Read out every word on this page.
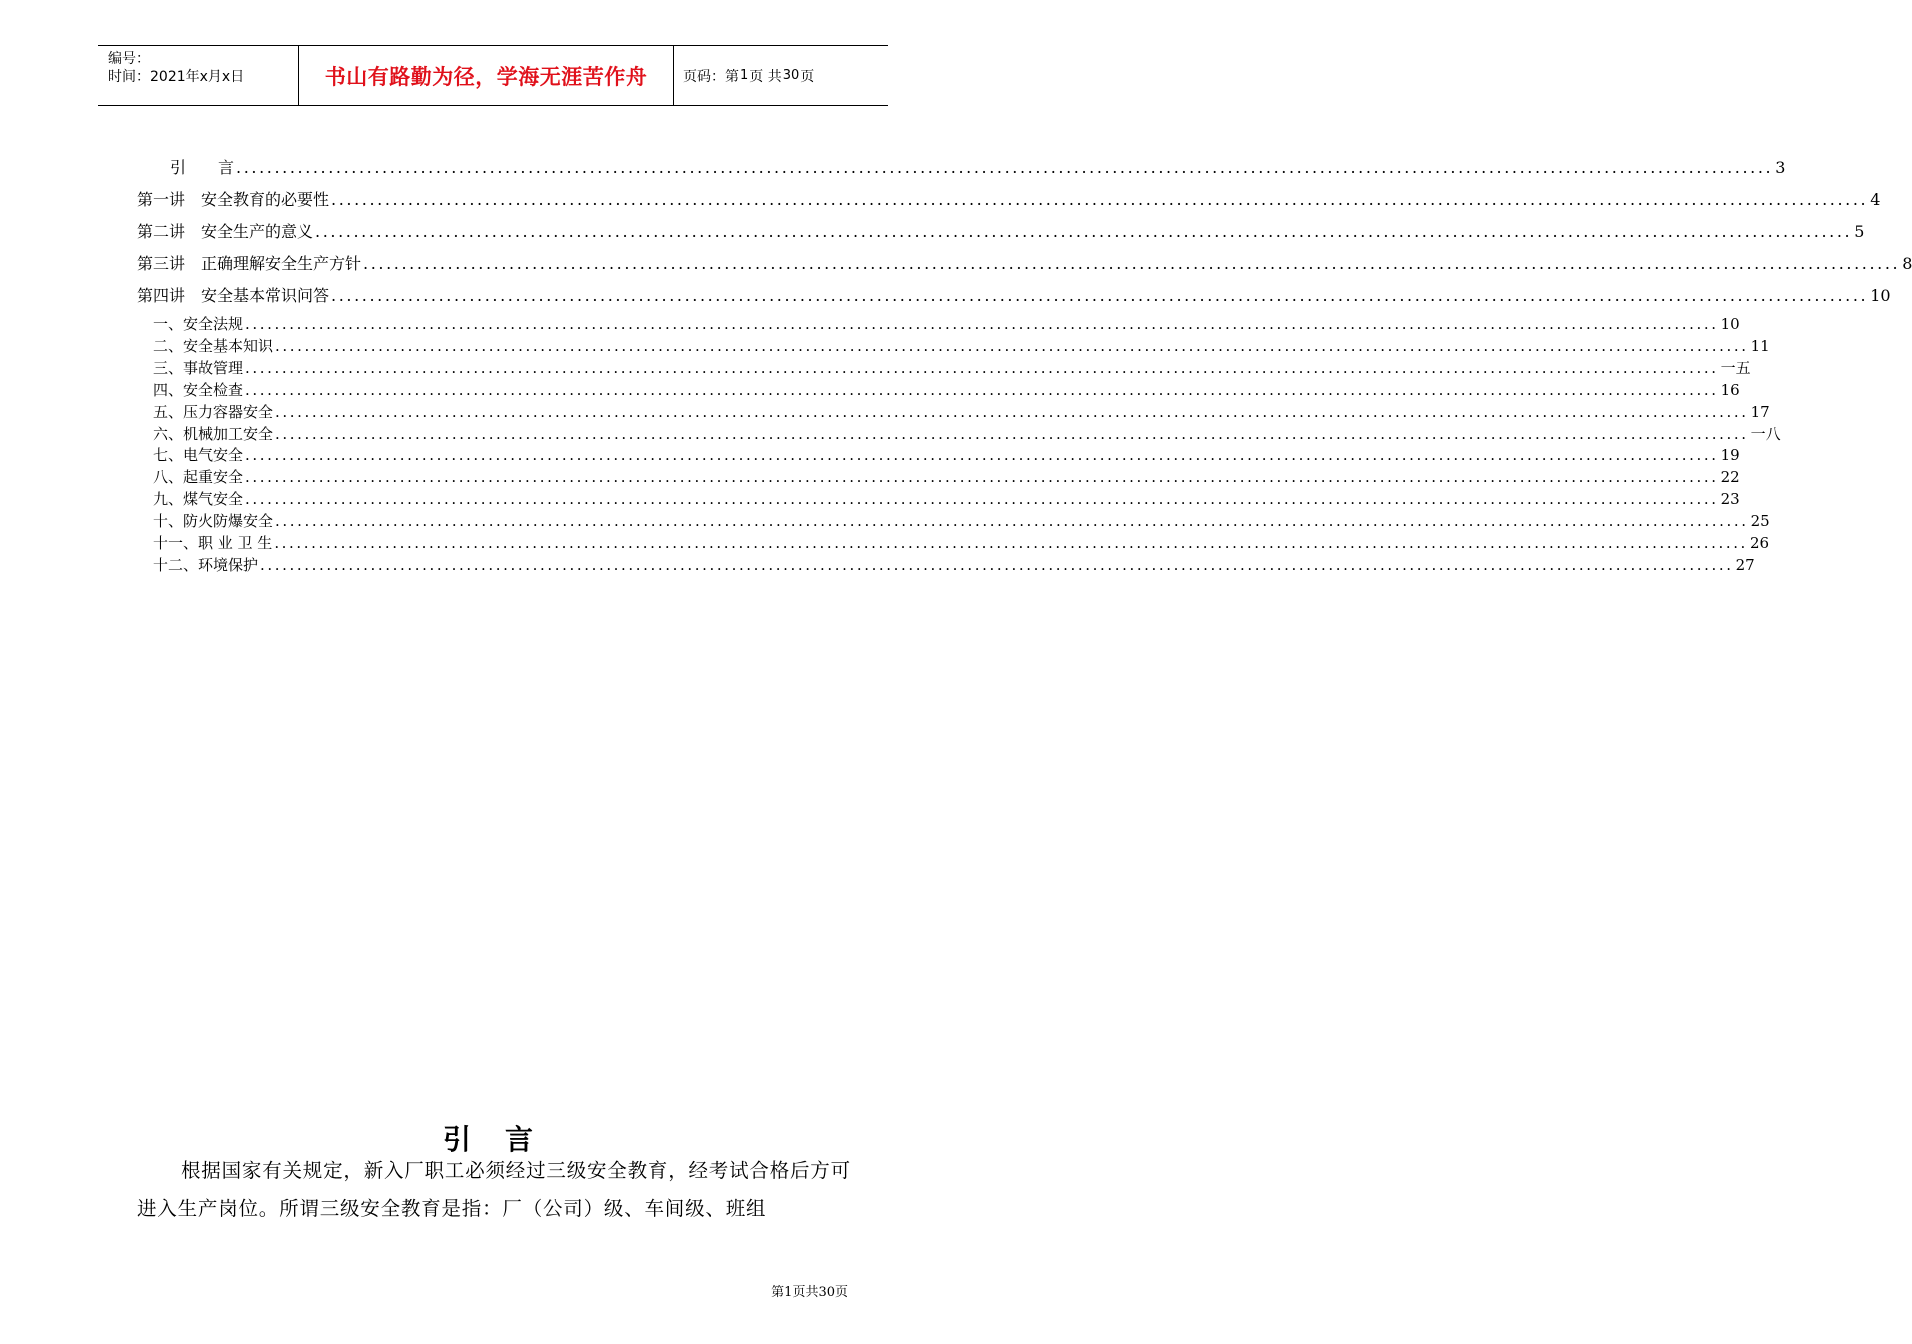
编号：
时间：2021年x月x日	书山有路勤为径，学海无涯苦作舟	页码：第 1 页 共 30 页
引　　言 ........................................................................................................................................................................................................ 3
第一讲　安全教育的必要性 ........................................................................................................................................................................................................ 4
第二讲　安全生产的意义 ........................................................................................................................................................................................................ 5
第三讲　正确理解安全生产方针 ........................................................................................................................................................................................................ 8
第四讲　安全基本常识问答 ........................................................................................................................................................................................................ 10
一、安全法规 ........................................................................................................................................................................................................ 10
二、安全基本知识 ........................................................................................................................................................................................................ 11
三、事故管理 ........................................................................................................................................................................................................ 一五
四、安全检查 ........................................................................................................................................................................................................ 16
五、压力容器安全 ........................................................................................................................................................................................................ 17
六、机械加工安全 ........................................................................................................................................................................................................ 一八
七、电气安全 ........................................................................................................................................................................................................ 19
八、起重安全 ........................................................................................................................................................................................................ 22
九、煤气安全 ........................................................................................................................................................................................................ 23
十、防火防爆安全 ........................................................................................................................................................................................................ 25
十一、职 业 卫 生 ........................................................................................................................................................................................................ 26
十二、环境保护 ........................................................................................................................................................................................................ 27
引言
根据国家有关规定，新入厂职工必须经过三级安全教育，经考试合格后方可进入生产岗位。所谓三级安全教育是指：厂（公司）级、车间级、班组
第1页共30页
